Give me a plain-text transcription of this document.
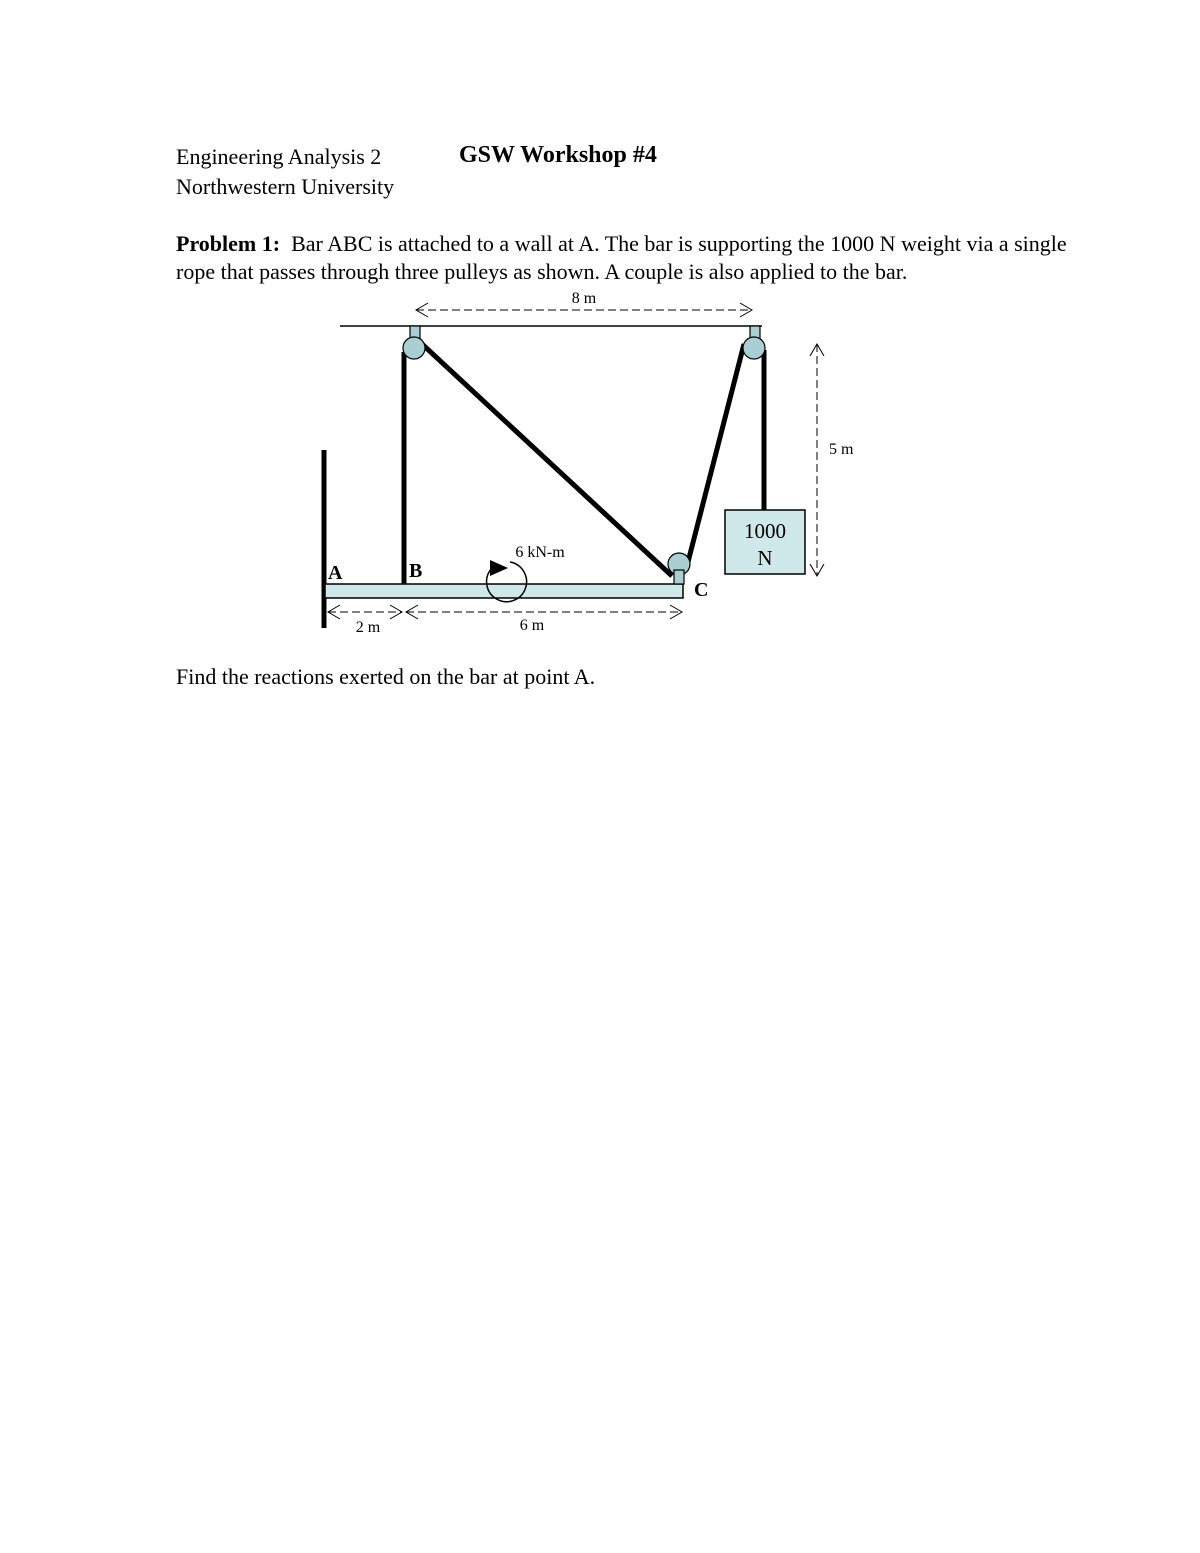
Engineering Analysis 2
Northwestern University
GSW Workshop #4
Problem 1: Bar ABC is attached to a wall at A. The bar is supporting the 1000 N weight via a single rope that passes through three pulleys as shown. A couple is also applied to the bar.
1000
N
6 kN-m
A	B
C
8 m
5 m
2 m	6 m
Find the reactions exerted on the bar at point A.
